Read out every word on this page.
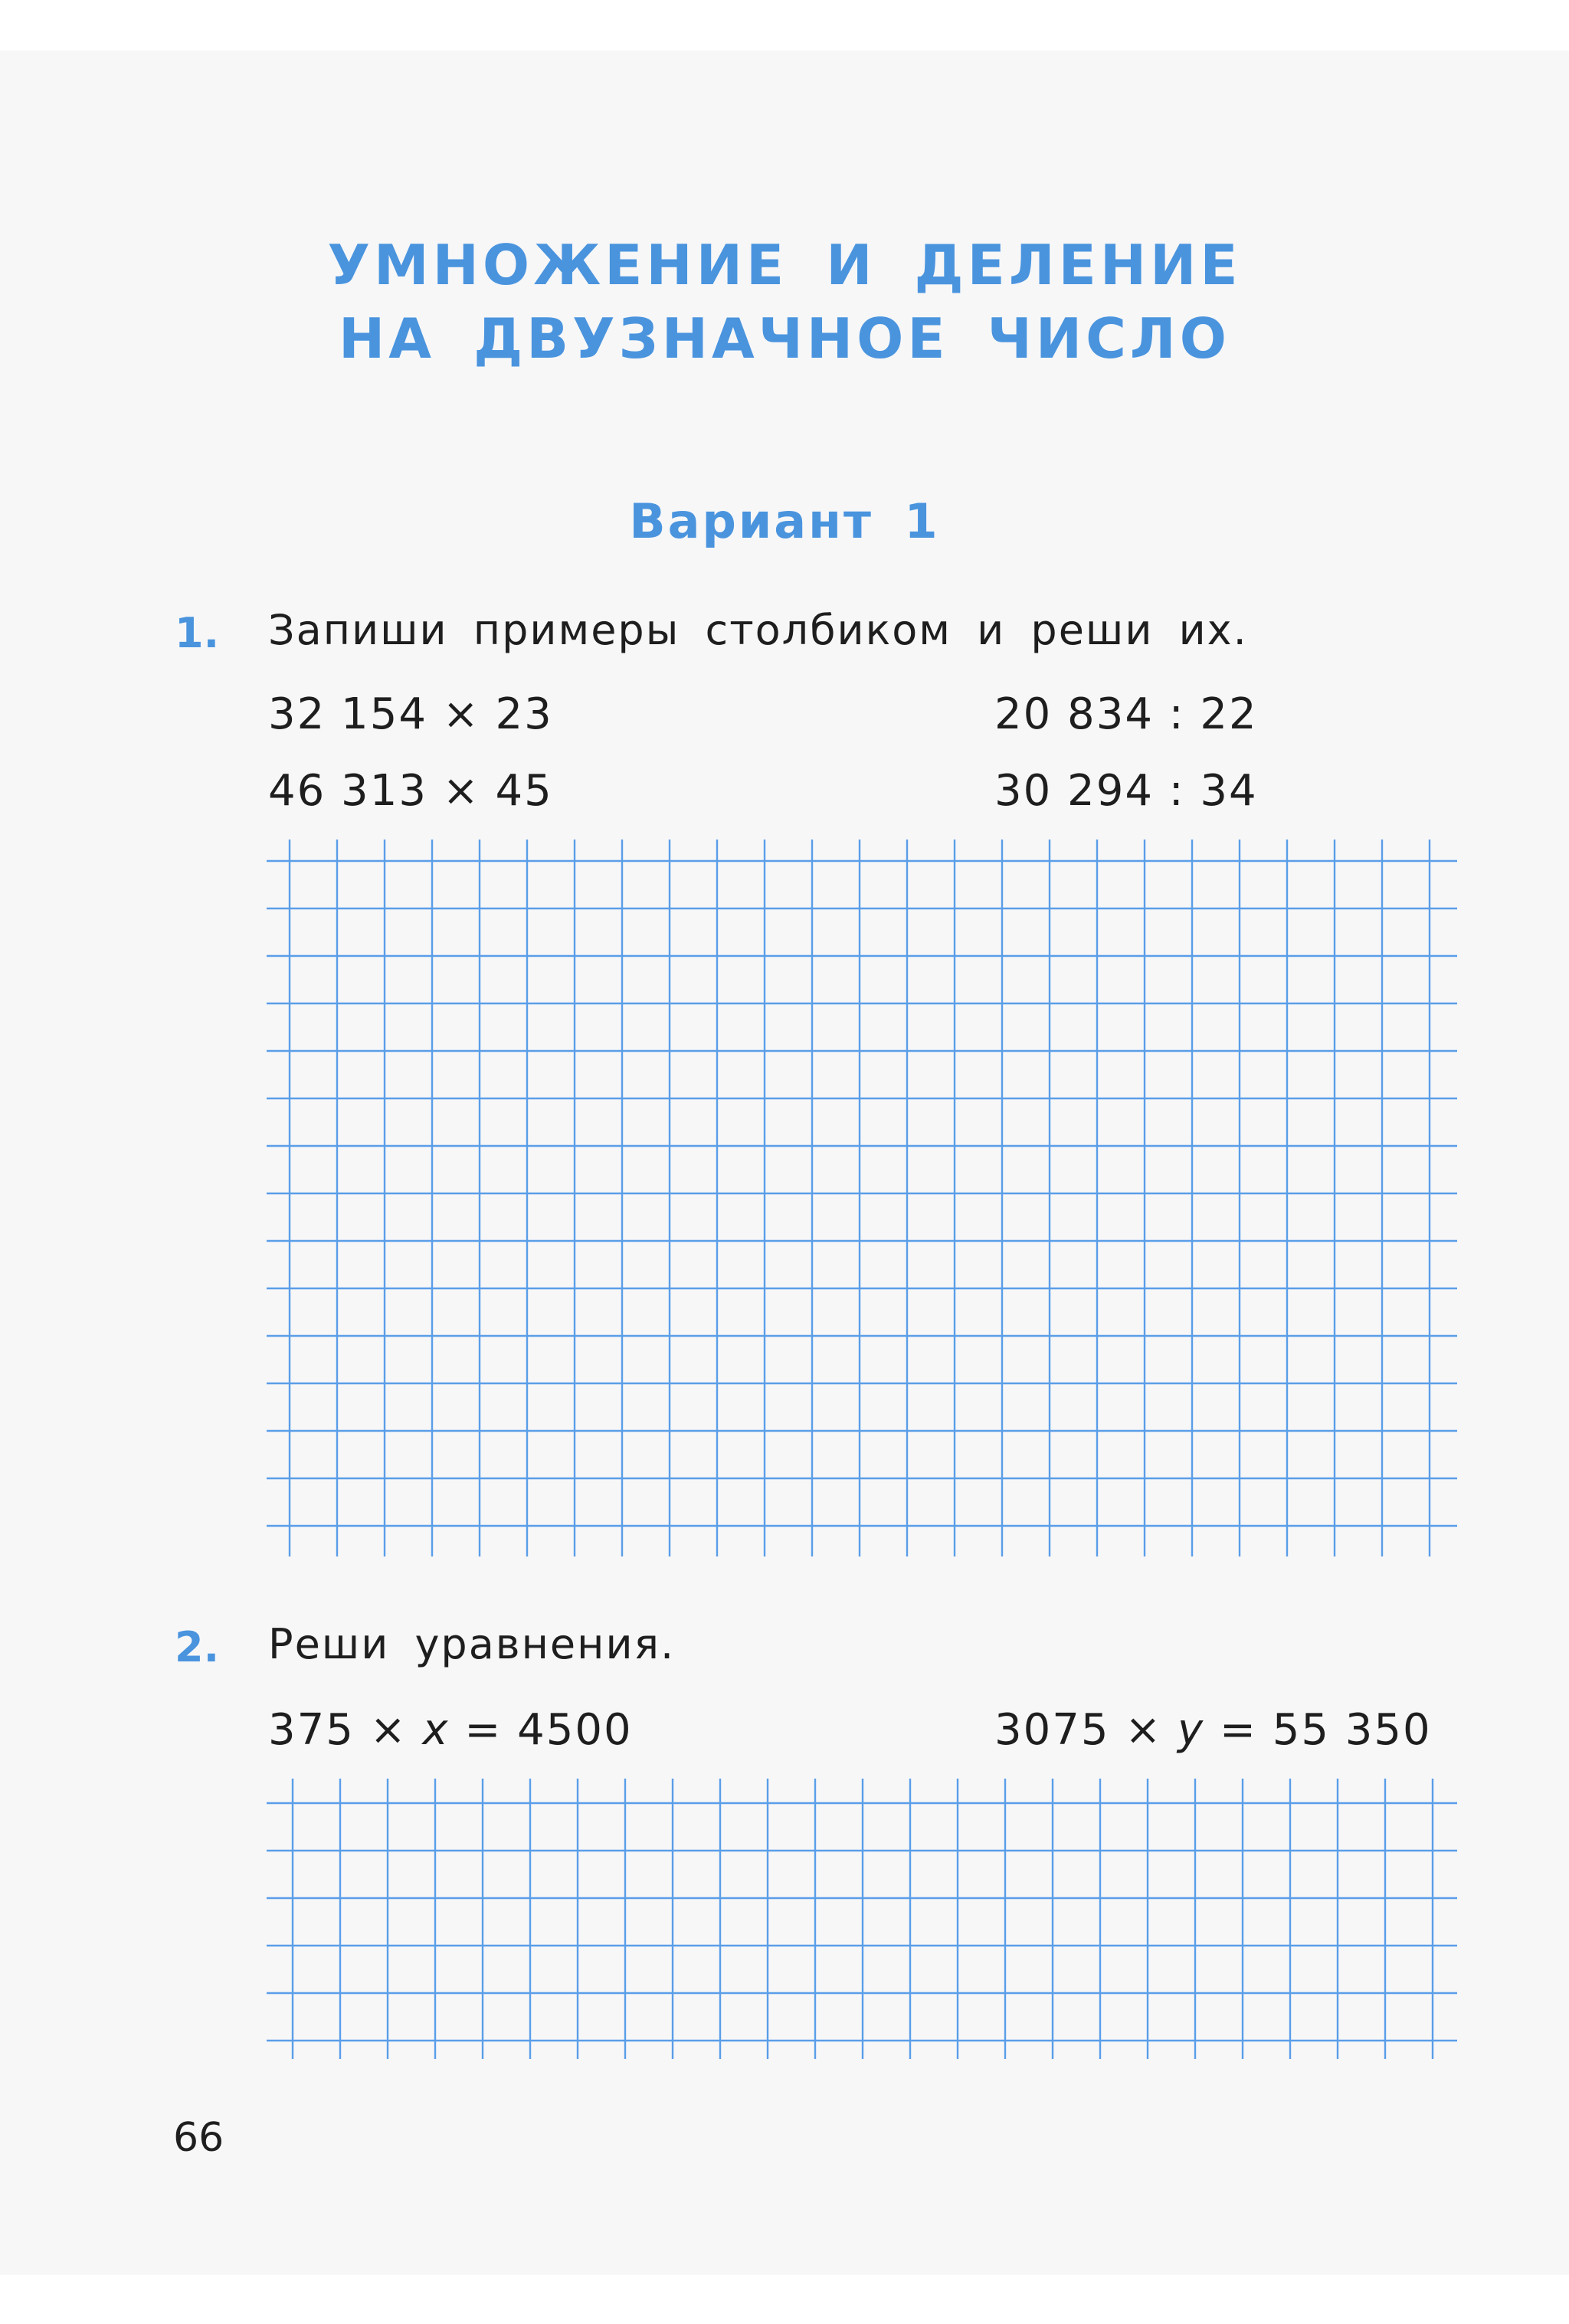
УМНОЖЕНИЕ И ДЕЛЕНИЕ
НА ДВУЗНАЧНОЕ ЧИСЛО
Вариант 1
1. Запиши примеры столбиком и реши их.
32 154 × 23	20 834 : 22
46 313 × 45	30 294 : 34
2. Реши уравнения.
375 × x = 4500	3075 × y = 55 350
66
